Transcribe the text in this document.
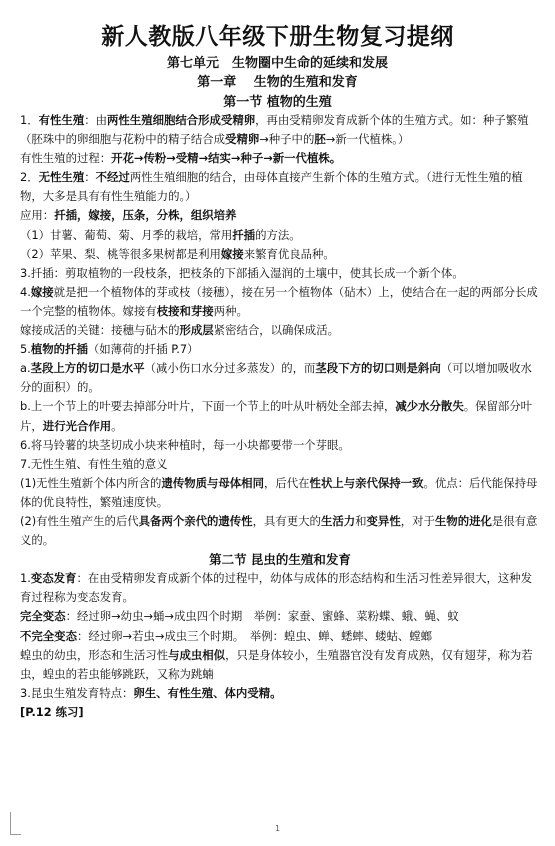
新人教版八年级下册生物复习提纲
第七单元　生物圈中生命的延续和发展
第一章　 生物的生殖和发育
第一节 植物的生殖

1．有性生殖：由两性生殖细胞结合形成受精卵，再由受精卵发育成新个体的生殖方式。如：种子繁殖（胚珠中的卵细胞与花粉中的精子结合成受精卵→种子中的胚→新一代植株。）

有性生殖的过程：开花→传粉→受精→结实→种子→新一代植株。

2．无性生殖：不经过两性生殖细胞的结合，由母体直接产生新个体的生殖方式。（进行无性生殖的植物，大多是具有有性生殖能力的。）

应用：扦插，嫁接，压条，分株，组织培养

（1）甘薯、葡萄、菊、月季的栽培，常用扦插的方法。

（2）苹果、梨、桃等很多果树都是利用嫁接来繁育优良品种。

3.扦插：剪取植物的一段枝条，把枝条的下部插入湿润的土壤中，使其长成一个新个体。

4.嫁接就是把一个植物体的芽或枝（接穗），接在另一个植物体（砧木）上，使结合在一起的两部分长成一个完整的植物体。嫁接有枝接和芽接两种。

嫁接成活的关键：接穗与砧木的形成层紧密结合，以确保成活。

5.植物的扦插（如薄荷的扦插 P.7）

a.茎段上方的切口是水平（减小伤口水分过多蒸发）的，而茎段下方的切口则是斜向（可以增加吸收水分的面积）的。

b.上一个节上的叶要去掉部分叶片，下面一个节上的叶从叶柄处全部去掉，减少水分散失。保留部分叶片，进行光合作用。

6.将马铃薯的块茎切成小块来种植时，每一小块都要带一个芽眼。

7.无性生殖、有性生殖的意义

(1)无性生殖新个体内所含的遗传物质与母体相同，后代在性状上与亲代保持一致。优点：后代能保持母体的优良特性，繁殖速度快。

(2)有性生殖产生的后代具备两个亲代的遗传性，具有更大的生活力和变异性，对于生物的进化是很有意义的。

第二节 昆虫的生殖和发育

1.变态发育：在由受精卵发育成新个体的过程中，幼体与成体的形态结构和生活习性差异很大，这种发育过程称为变态发育。

完全变态：经过卵→幼虫→蛹→成虫四个时期　举例：家蚕、蜜蜂、菜粉蝶、蛾、蝇、蚊

不完全变态：经过卵→若虫→成虫三个时期。　举例：蝗虫、蝉、蟋蟀、蝼蛄、螳螂

蝗虫的幼虫，形态和生活习性与成虫相似，只是身体较小，生殖器官没有发育成熟，仅有翅芽，称为若虫，蝗虫的若虫能够跳跃，又称为跳蝻

3.昆虫生殖发育特点：卵生、有性生殖、体内受精。

[P.12 练习]

1
